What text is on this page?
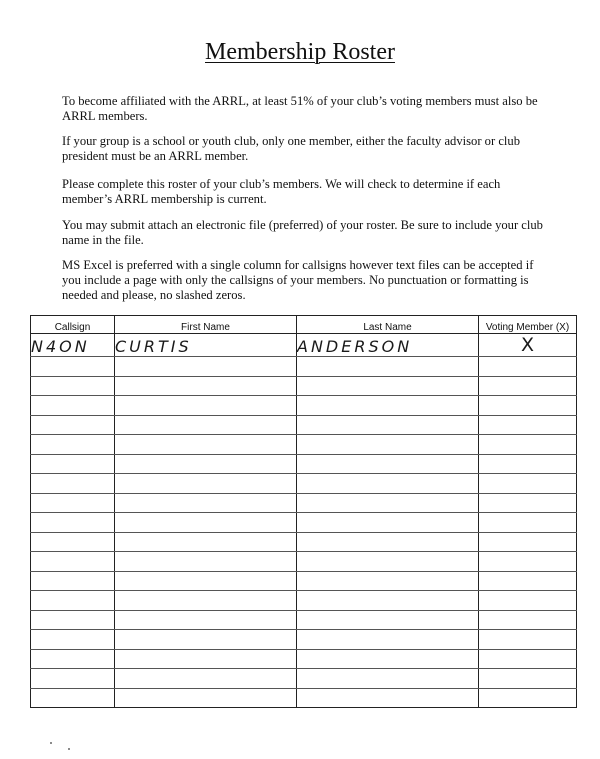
Membership Roster

To become affiliated with the ARRL, at least 51% of your club’s voting members must also be ARRL members.

If your group is a school or youth club, only one member, either the faculty advisor or club president must be an ARRL member.

Please complete this roster of your club’s members. We will check to determine if each member’s ARRL membership is current.

You may submit attach an electronic file (preferred) of your roster. Be sure to include your club name in the file.

MS Excel is preferred with a single column for callsigns however text files can be accepted if you include a page with only the callsigns of your members. No punctuation or formatting is needed and please, no slashed zeros.

Callsign	First Name	Last Name	Voting Member (X)
N4ON	CURTIS	ANDERSON	X
